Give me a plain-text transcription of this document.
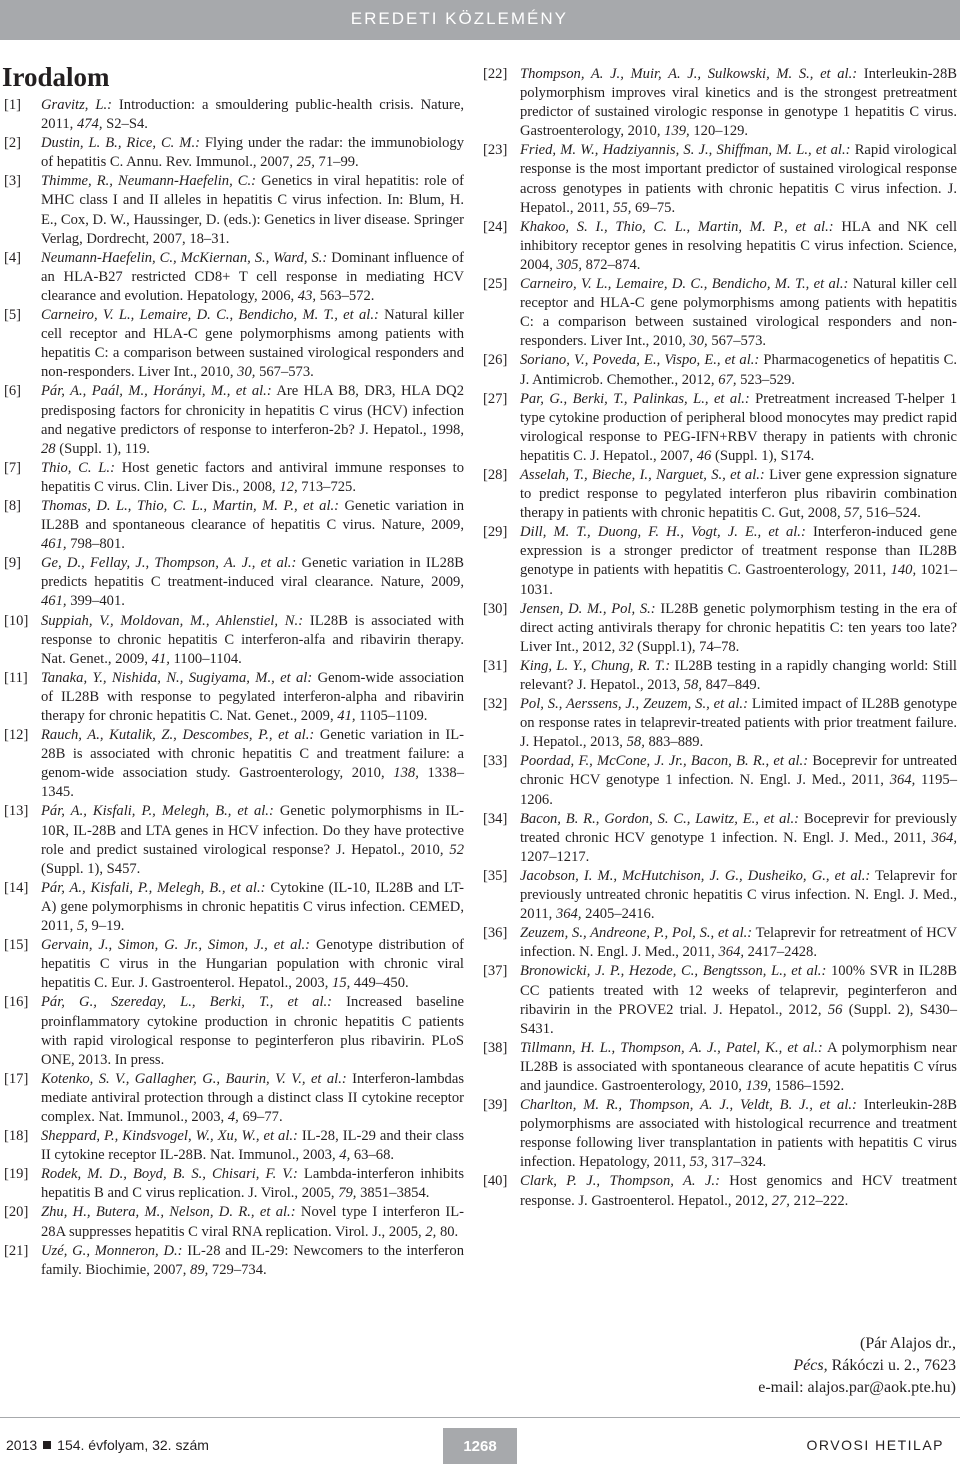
EREDETI KÖZLEMÉNY
Irodalom
[1] Gravitz, L.: Introduction: a smouldering public-health crisis. Nature, 2011, 474, S2–S4.
[2] Dustin, L. B., Rice, C. M.: Flying under the radar: the immunobiology of hepatitis C. Annu. Rev. Immunol., 2007, 25, 71–99.
[3] Thimme, R., Neumann-Haefelin, C.: Genetics in viral hepatitis: role of MHC class I and II alleles in hepatitis C virus infection. In: Blum, H. E., Cox, D. W., Haussinger, D. (eds.): Genetics in liver disease. Springer Verlag, Dordrecht, 2007, 18–31.
[4] Neumann-Haefelin, C., McKiernan, S., Ward, S.: Dominant influence of an HLA-B27 restricted CD8+ T cell response in mediating HCV clearance and evolution. Hepatology, 2006, 43, 563–572.
[5] Carneiro, V. L., Lemaire, D. C., Bendicho, M. T., et al.: Natural killer cell receptor and HLA-C gene polymorphisms among patients with hepatitis C: a comparison between sustained virological responders and non-responders. Liver Int., 2010, 30, 567–573.
[6] Pár, A., Paál, M., Horányi, M., et al.: Are HLA B8, DR3, HLA DQ2 predisposing factors for chronicity in hepatitis C virus (HCV) infection and negative predictors of response to interferon-2b? J. Hepatol., 1998, 28 (Suppl. 1), 119.
[7] Thio, C. L.: Host genetic factors and antiviral immune responses to hepatitis C virus. Clin. Liver Dis., 2008, 12, 713–725.
[8] Thomas, D. L., Thio, C. L., Martin, M. P., et al.: Genetic variation in IL28B and spontaneous clearance of hepatitis C virus. Nature, 2009, 461, 798–801.
[9] Ge, D., Fellay, J., Thompson, A. J., et al.: Genetic variation in IL28B predicts hepatitis C treatment-induced viral clearance. Nature, 2009, 461, 399–401.
[10] Suppiah, V., Moldovan, M., Ahlenstiel, N.: IL28B is associated with response to chronic hepatitis C interferon-alfa and ribavirin therapy. Nat. Genet., 2009, 41, 1100–1104.
[11] Tanaka, Y., Nishida, N., Sugiyama, M., et al: Genom-wide association of IL28B with response to pegylated interferon-alpha and ribavirin therapy for chronic hepatitis C. Nat. Genet., 2009, 41, 1105–1109.
[12] Rauch, A., Kutalik, Z., Descombes, P., et al.: Genetic variation in IL-28B is associated with chronic hepatitis C and treatment failure: a genom-wide association study. Gastroenterology, 2010, 138, 1338–1345.
[13] Pár, A., Kisfali, P., Melegh, B., et al.: Genetic polymorphisms in IL-10R, IL-28B and LTA genes in HCV infection. Do they have protective role and predict sustained virological response? J. Hepatol., 2010, 52 (Suppl. 1), S457.
[14] Pár, A., Kisfali, P., Melegh, B., et al.: Cytokine (IL-10, IL28B and LT-A) gene polymorphisms in chronic hepatitis C virus infection. CEMED, 2011, 5, 9–19.
[15] Gervain, J., Simon, G. Jr., Simon, J., et al.: Genotype distribution of hepatitis C virus in the Hungarian population with chronic viral hepatitis C. Eur. J. Gastroenterol. Hepatol., 2003, 15, 449–450.
[16] Pár, G., Szereday, L., Berki, T., et al.: Increased baseline proinflammatory cytokine production in chronic hepatitis C patients with rapid virological response to peginterferon plus ribavirin. PLoS ONE, 2013. In press.
[17] Kotenko, S. V., Gallagher, G., Baurin, V. V., et al.: Interferon-lambdas mediate antiviral protection through a distinct class II cytokine receptor complex. Nat. Immunol., 2003, 4, 69–77.
[18] Sheppard, P., Kindsvogel, W., Xu, W., et al.: IL-28, IL-29 and their class II cytokine receptor IL-28B. Nat. Immunol., 2003, 4, 63–68.
[19] Rodek, M. D., Boyd, B. S., Chisari, F. V.: Lambda-interferon inhibits hepatitis B and C virus replication. J. Virol., 2005, 79, 3851–3854.
[20] Zhu, H., Butera, M., Nelson, D. R., et al.: Novel type I interferon IL-28A suppresses hepatitis C viral RNA replication. Virol. J., 2005, 2, 80.
[21] Uzé, G., Monneron, D.: IL-28 and IL-29: Newcomers to the interferon family. Biochimie, 2007, 89, 729–734.
[22] Thompson, A. J., Muir, A. J., Sulkowski, M. S., et al.: Interleukin-28B polymorphism improves viral kinetics and is the strongest pretreatment predictor of sustained virologic response in genotype 1 hepatitis C virus. Gastroenterology, 2010, 139, 120–129.
[23] Fried, M. W., Hadziyannis, S. J., Shiffman, M. L., et al.: Rapid virological response is the most important predictor of sustained virological response across genotypes in patients with chronic hepatitis C virus infection. J. Hepatol., 2011, 55, 69–75.
[24] Khakoo, S. I., Thio, C. L., Martin, M. P., et al.: HLA and NK cell inhibitory receptor genes in resolving hepatitis C virus infection. Science, 2004, 305, 872–874.
[25] Carneiro, V. L., Lemaire, D. C., Bendicho, M. T., et al.: Natural killer cell receptor and HLA-C gene polymorphisms among patients with hepatitis C: a comparison between sustained virological responders and non-responders. Liver Int., 2010, 30, 567–573.
[26] Soriano, V., Poveda, E., Vispo, E., et al.: Pharmacogenetics of hepatitis C. J. Antimicrob. Chemother., 2012, 67, 523–529.
[27] Par, G., Berki, T., Palinkas, L., et al.: Pretreatment increased T-helper 1 type cytokine production of peripheral blood monocytes may predict rapid virological response to PEG-IFN+RBV therapy in patients with chronic hepatitis C. J. Hepatol., 2007, 46 (Suppl. 1), S174.
[28] Asselah, T., Bieche, I., Narguet, S., et al.: Liver gene expression signature to predict response to pegylated interferon plus ribavirin combination therapy in patients with chronic hepatitis C. Gut, 2008, 57, 516–524.
[29] Dill, M. T., Duong, F. H., Vogt, J. E., et al.: Interferon-induced gene expression is a stronger predictor of treatment response than IL28B genotype in patients with hepatitis C. Gastroenterology, 2011, 140, 1021–1031.
[30] Jensen, D. M., Pol, S.: IL28B genetic polymorphism testing in the era of direct acting antivirals therapy for chronic hepatitis C: ten years too late? Liver Int., 2012, 32 (Suppl.1), 74–78.
[31] King, L. Y., Chung, R. T.: IL28B testing in a rapidly changing world: Still relevant? J. Hepatol., 2013, 58, 847–849.
[32] Pol, S., Aerssens, J., Zeuzem, S., et al.: Limited impact of IL28B genotype on response rates in telaprevir-treated patients with prior treatment failure. J. Hepatol., 2013, 58, 883–889.
[33] Poordad, F., McCone, J. Jr., Bacon, B. R., et al.: Boceprevir for untreated chronic HCV genotype 1 infection. N. Engl. J. Med., 2011, 364, 1195–1206.
[34] Bacon, B. R., Gordon, S. C., Lawitz, E., et al.: Boceprevir for previously treated chronic HCV genotype 1 infection. N. Engl. J. Med., 2011, 364, 1207–1217.
[35] Jacobson, I. M., McHutchison, J. G., Dusheiko, G., et al.: Telaprevir for previously untreated chronic hepatitis C virus infection. N. Engl. J. Med., 2011, 364, 2405–2416.
[36] Zeuzem, S., Andreone, P., Pol, S., et al.: Telaprevir for retreatment of HCV infection. N. Engl. J. Med., 2011, 364, 2417–2428.
[37] Bronowicki, J. P., Hezode, C., Bengtsson, L., et al.: 100% SVR in IL28B CC patients treated with 12 weeks of telaprevir, peginterferon and ribavirin in the PROVE2 trial. J. Hepatol., 2012, 56 (Suppl. 2), S430–S431.
[38] Tillmann, H. L., Thompson, A. J., Patel, K., et al.: A polymorphism near IL28B is associated with spontaneous clearance of acute hepatitis C vírus and jaundice. Gastroenterology, 2010, 139, 1586–1592.
[39] Charlton, M. R., Thompson, A. J., Veldt, B. J., et al.: Interleukin-28B polymorphisms are associated with histological recurrence and treatment response following liver transplantation in patients with hepatitis C virus infection. Hepatology, 2011, 53, 317–324.
[40] Clark, P. J., Thompson, A. J.: Host genomics and HCV treatment response. J. Gastroenterol. Hepatol., 2012, 27, 212–222.
(Pár Alajos dr.,
Pécs, Rákóczi u. 2., 7623
e-mail: alajos.par@aok.pte.hu)
2013 154. évfolyam, 32. szám	1268	ORVOSI HETILAP
